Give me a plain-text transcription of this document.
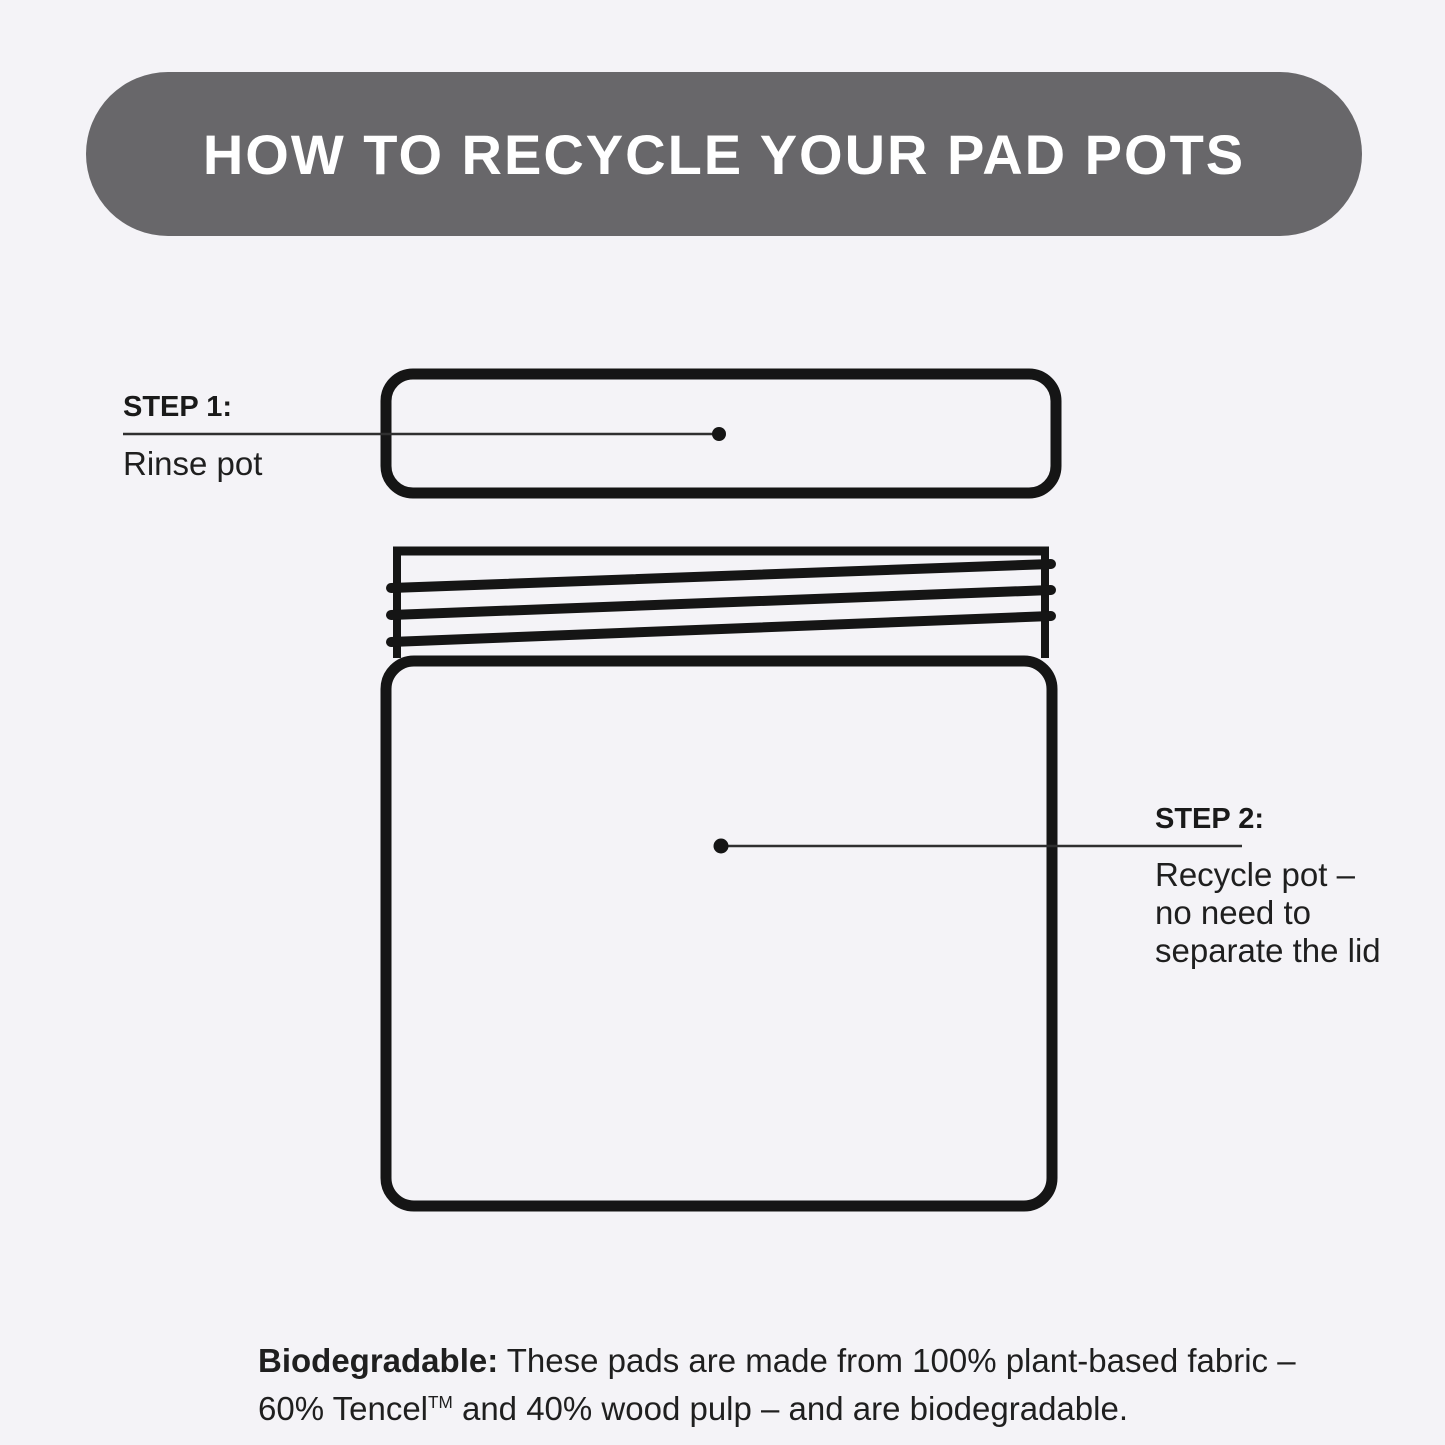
HOW TO RECYCLE YOUR PAD POTS
STEP 1:
Rinse pot
STEP 2:
Recycle pot –
no need to
separate the lid

Biodegradable: These pads are made from 100% plant-based fabric –
60% Tencel™ and 40% wood pulp – and are biodegradable.
